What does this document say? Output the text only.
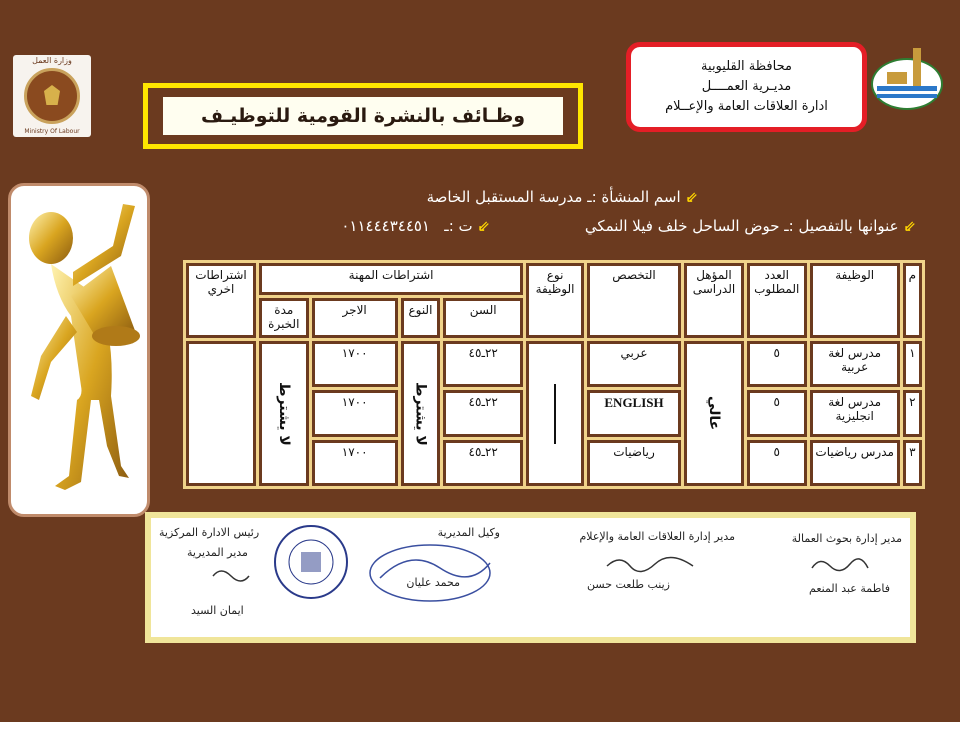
وزارة العمل
Ministry Of Labour
وظـائف بالنشرة القومية للتوظيـف
محافظة القليوبية
مديـرية العمــــل
ادارة العلاقات العامة والإعــلام
⇙ اسم المنشأة :ـ مدرسة المستقبل الخاصة
⇙ عنوانها بالتفصيل :ـ حوض الساحل خلف فيلا النمكي
⇙ ت :ـ   ٠١١٤٤٤٣٤٤٥١
م	الوظيفة	العدد المطلوب	المؤهل الدراسى	التخصص	نوع الوظيفة	اشتراطات المهنة				اشتراطات اخري

						السن	النوع	الاجر	مدة الخبرة	

١	مدرس لغة عربية	٥	عالي	عربي		٢٢ـ٤٥	لا يشترط	١٧٠٠	لا يشترط	

٢	مدرس لغة انجليزية	٥		ENGLISH		٢٢ـ٤٥		١٧٠٠		

٣	مدرس رياضيات	٥		رياضيات		٢٢ـ٤٥		١٧٠٠		
مدير إدارة بحوث العمالة
فاطمة عبد المنعم
مدير إدارة العلاقات العامة والإعلام
زينب طلعت حسن
وكيل المديرية
محمد عليان
رئيس الادارة المركزية
مدير المديرية
ايمان السيد
